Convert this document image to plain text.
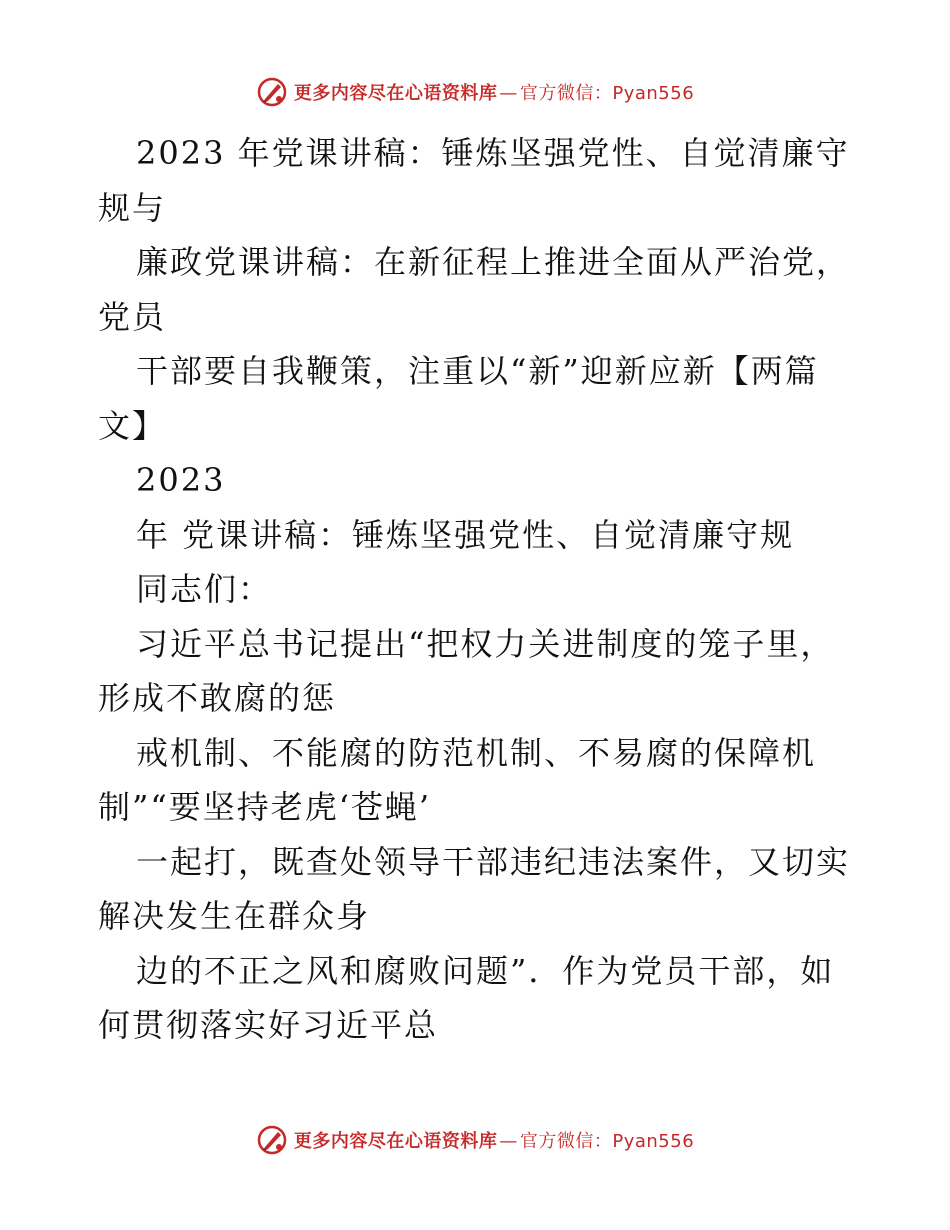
更多内容尽在心语资料库 — 官方微信：Pyan556
2023 年党课讲稿：锤炼坚强党性、自觉清廉守
规与
廉政党课讲稿：在新征程上推进全面从严治党，
党员
干部要自我鞭策，注重以“新”迎新应新【两篇
文】
2023
年 党课讲稿：锤炼坚强党性、自觉清廉守规
同志们：
习近平总书记提出“把权力关进制度的笼子里，
形成不敢腐的惩
戒机制、不能腐的防范机制、不易腐的保障机
制”“要坚持老虎‘苍蝇’
一起打，既查处领导干部违纪违法案件，又切实
解决发生在群众身
边的不正之风和腐败问题”．作为党员干部，如
何贯彻落实好习近平总
更多内容尽在心语资料库 — 官方微信：Pyan556
